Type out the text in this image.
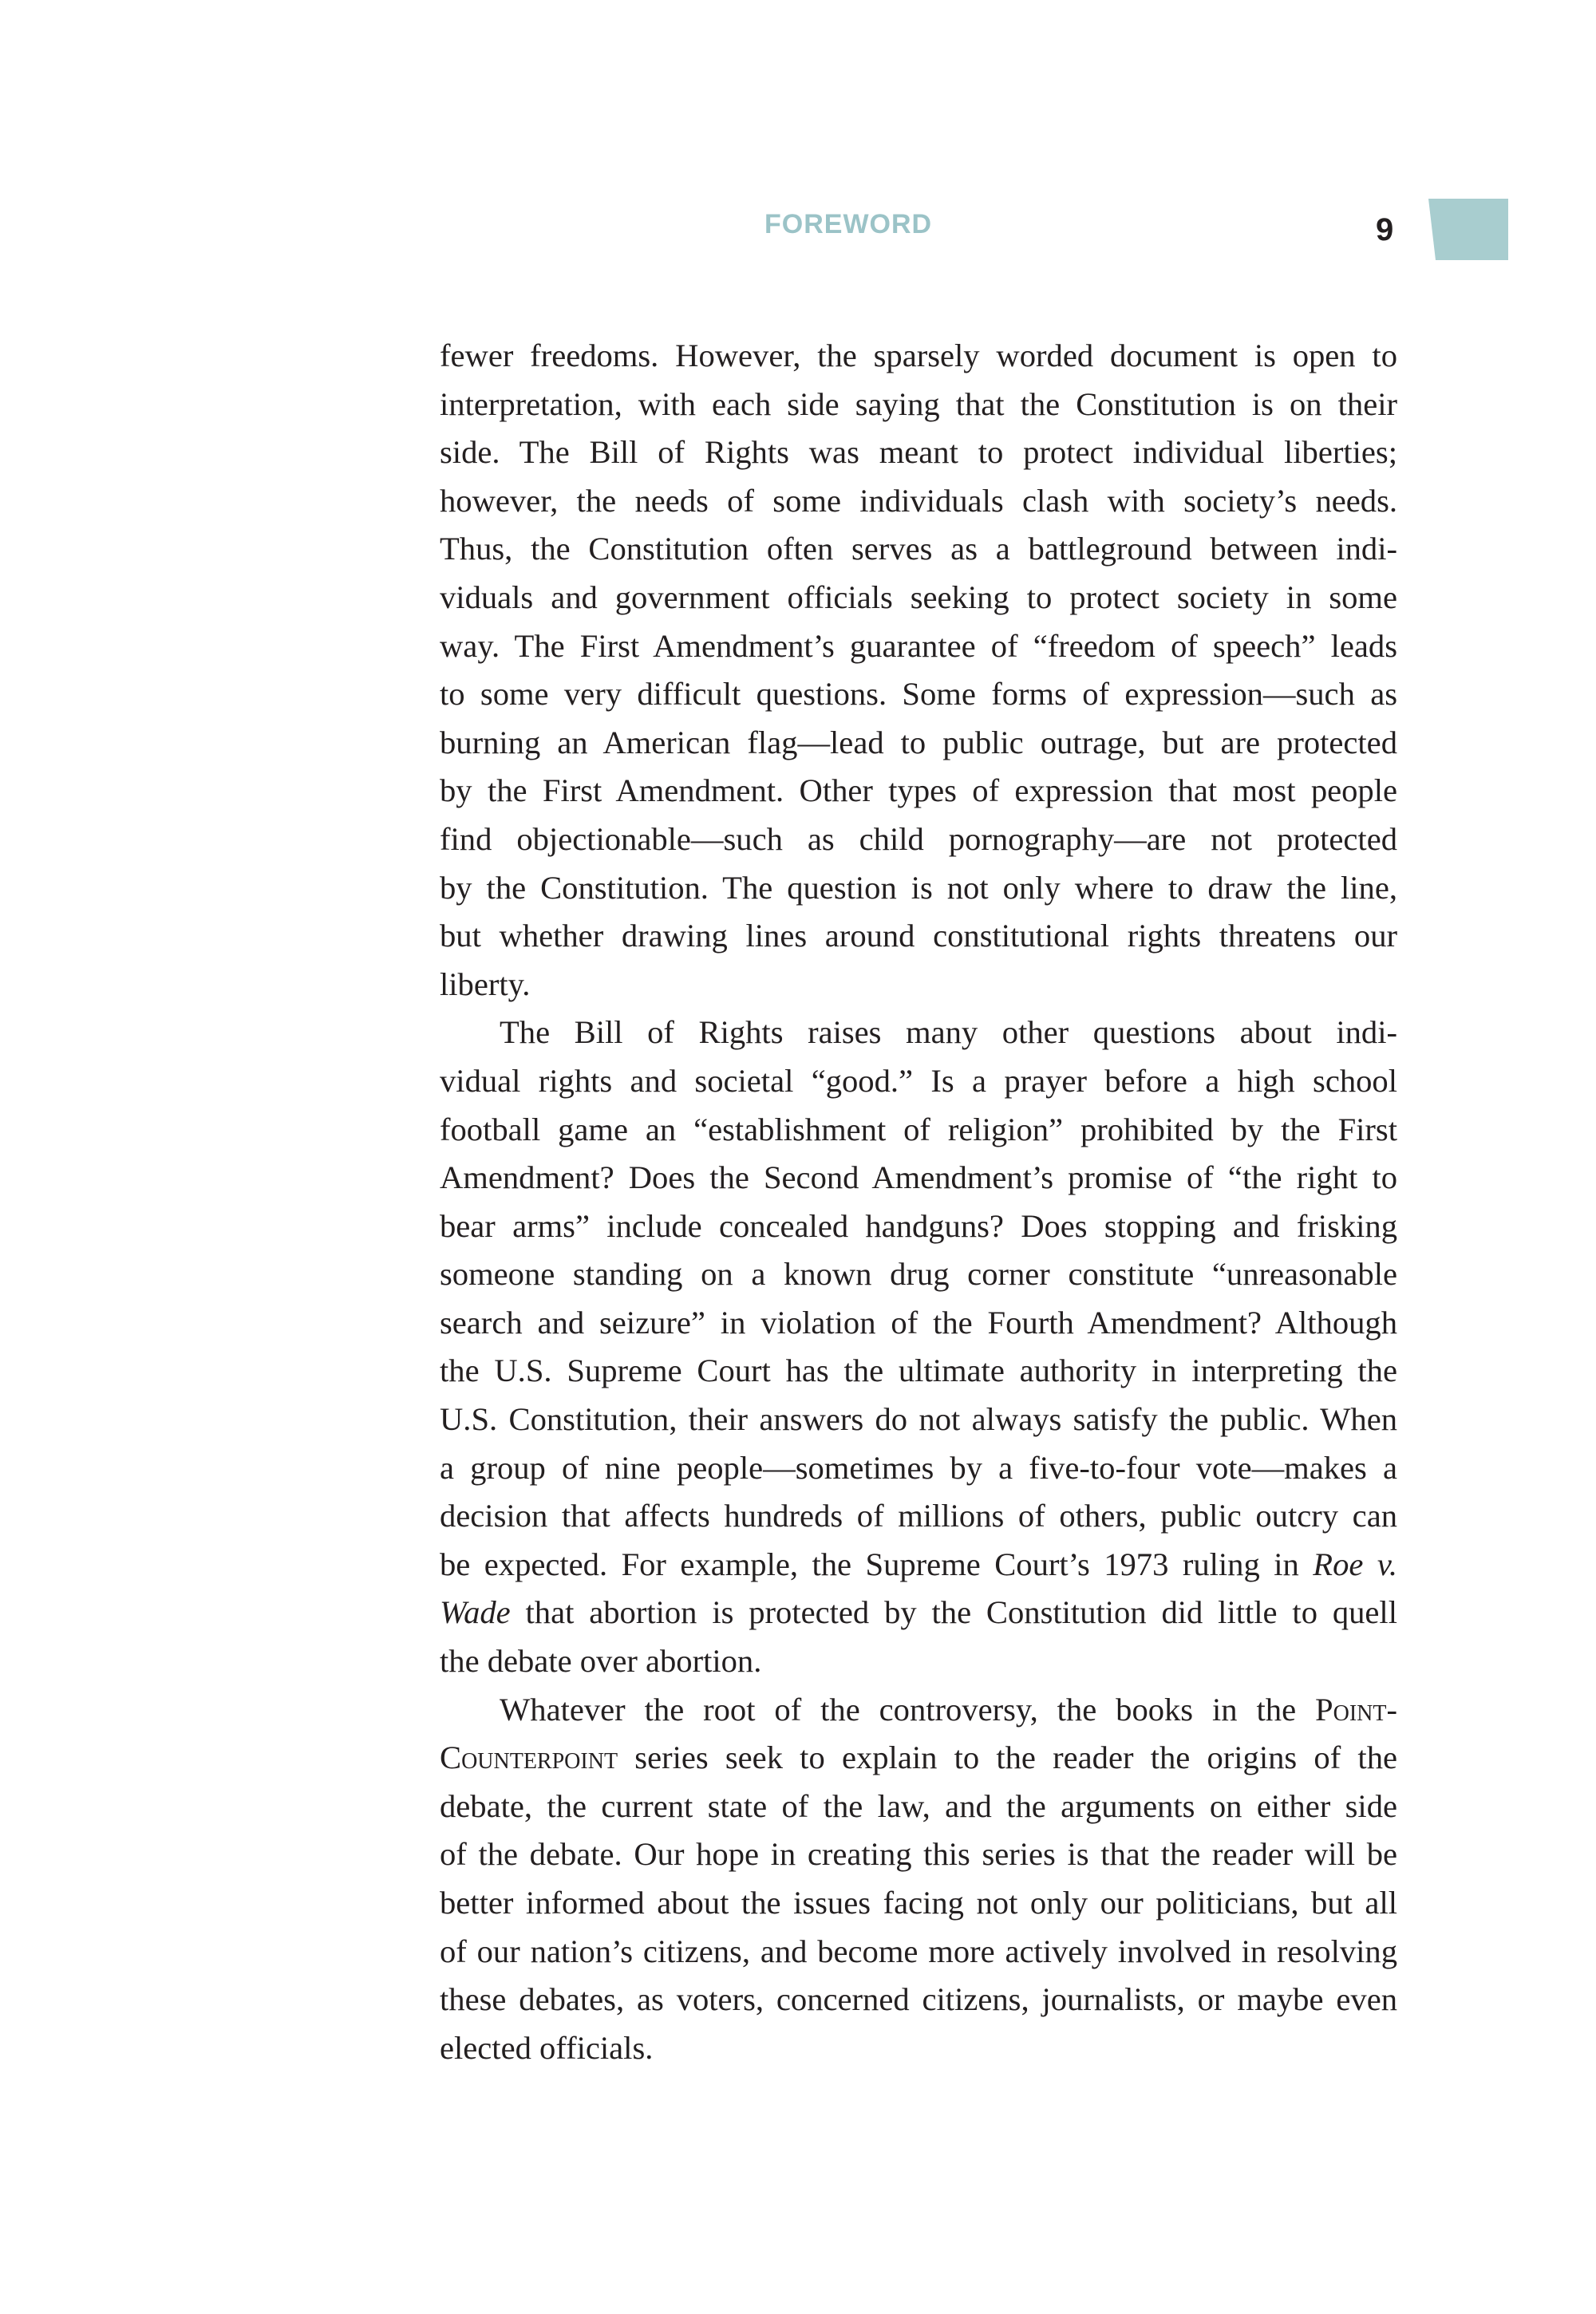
FOREWORD	9
fewer freedoms. However, the sparsely worded document is open to
interpretation, with each side saying that the Constitution is on their
side. The Bill of Rights was meant to protect individual liberties;
however, the needs of some individuals clash with society’s needs.
Thus, the Constitution often serves as a battleground between indi-
viduals and government officials seeking to protect society in some
way. The First Amendment’s guarantee of “freedom of speech” leads
to some very difficult questions. Some forms of expression—such as
burning an American flag—lead to public outrage, but are protected
by the First Amendment. Other types of expression that most people
find objectionable—such as child pornography—are not protected
by the Constitution. The question is not only where to draw the line,
but whether drawing lines around constitutional rights threatens our
liberty.
The Bill of Rights raises many other questions about indi-
vidual rights and societal “good.” Is a prayer before a high school
football game an “establishment of religion” prohibited by the First
Amendment? Does the Second Amendment’s promise of “the right to
bear arms” include concealed handguns? Does stopping and frisking
someone standing on a known drug corner constitute “unreasonable
search and seizure” in violation of the Fourth Amendment? Although
the U.S. Supreme Court has the ultimate authority in interpreting the
U.S. Constitution, their answers do not always satisfy the public. When
a group of nine people—sometimes by a five-to-four vote—makes a
decision that affects hundreds of millions of others, public outcry can
be expected. For example, the Supreme Court’s 1973 ruling in Roe v.
Wade that abortion is protected by the Constitution did little to quell
the debate over abortion.
Whatever the root of the controversy, the books in the Point-
Counterpoint series seek to explain to the reader the origins of the
debate, the current state of the law, and the arguments on either side
of the debate. Our hope in creating this series is that the reader will be
better informed about the issues facing not only our politicians, but all
of our nation’s citizens, and become more actively involved in resolving
these debates, as voters, concerned citizens, journalists, or maybe even
elected officials.
